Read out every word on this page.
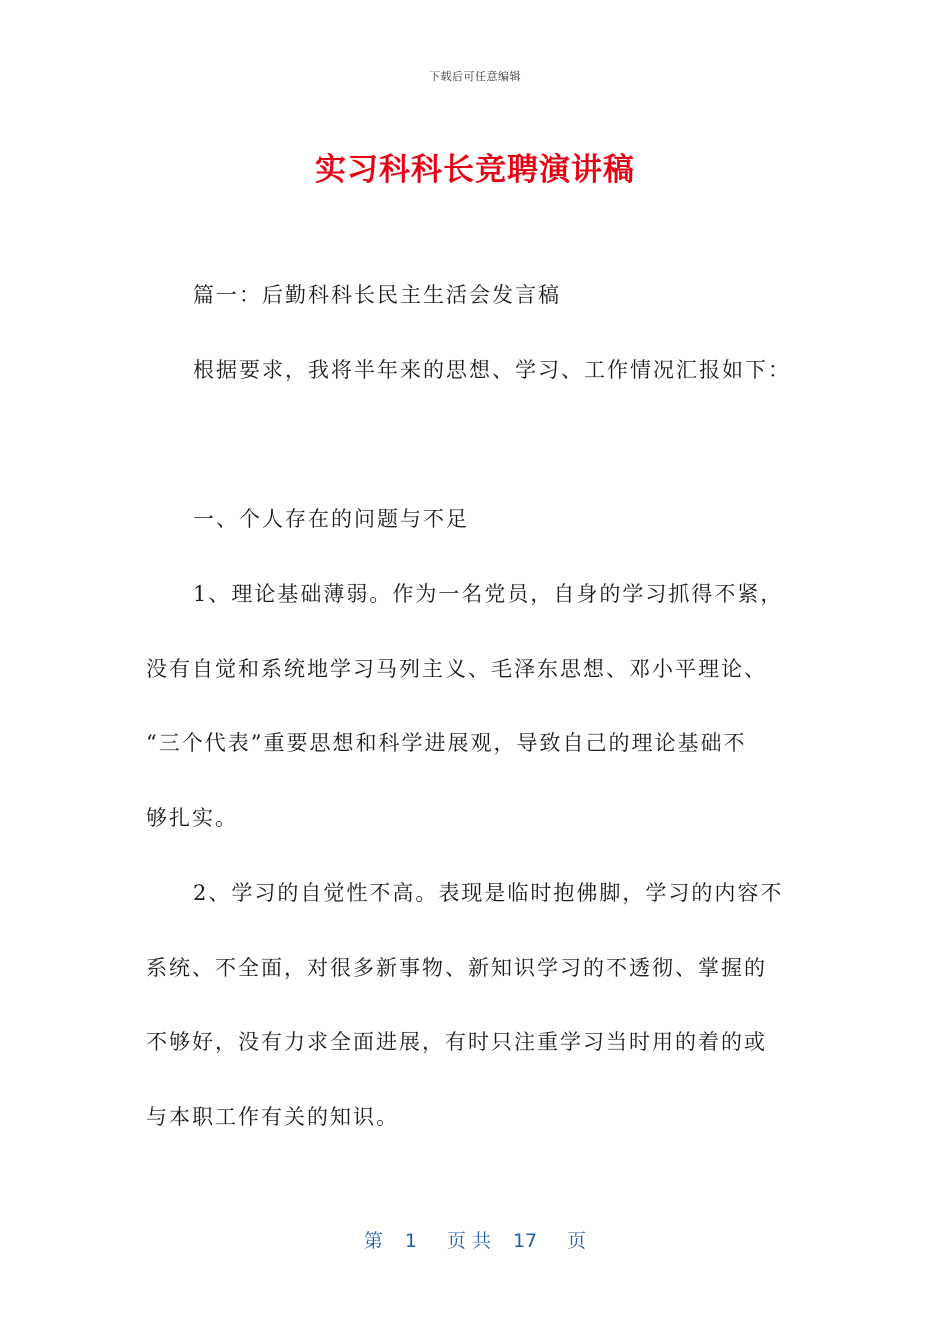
下载后可任意编辑
实习科科长竞聘演讲稿
篇一：后勤科科长民主生活会发言稿
根据要求，我将半年来的思想、学习、工作情况汇报如下：
一、个人存在的问题与不足
1、理论基础薄弱。作为一名党员，自身的学习抓得不紧，
没有自觉和系统地学习马列主义、毛泽东思想、邓小平理论、
“三个代表”重要思想和科学进展观，导致自己的理论基础不
够扎实。
2、学习的自觉性不高。表现是临时抱佛脚，学习的内容不
系统、不全面，对很多新事物、新知识学习的不透彻、掌握的
不够好，没有力求全面进展，有时只注重学习当时用的着的或
与本职工作有关的知识。
第 1 页 共 17 页
